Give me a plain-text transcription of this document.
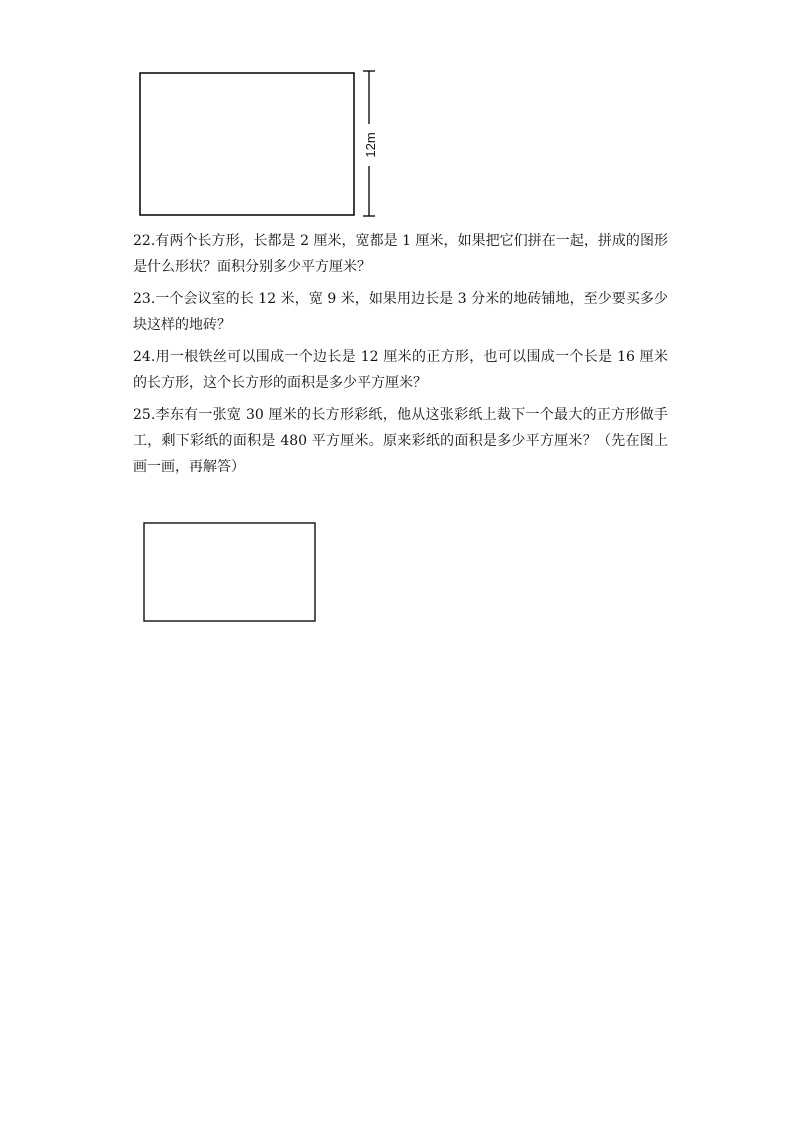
12m

22.有两个长方形，长都是 2 厘米，宽都是 1 厘米，如果把它们拼在一起，拼成的图形是什么形状？面积分别多少平方厘米？

23.一个会议室的长 12 米，宽 9 米，如果用边长是 3 分米的地砖铺地，至少要买多少块这样的地砖？

24.用一根铁丝可以围成一个边长是 12 厘米的正方形，也可以围成一个长是 16 厘米的长方形，这个长方形的面积是多少平方厘米？

25.李东有一张宽 30 厘米的长方形彩纸，他从这张彩纸上裁下一个最大的正方形做手工，剩下彩纸的面积是 480 平方厘米。原来彩纸的面积是多少平方厘米？（先在图上画一画，再解答）
